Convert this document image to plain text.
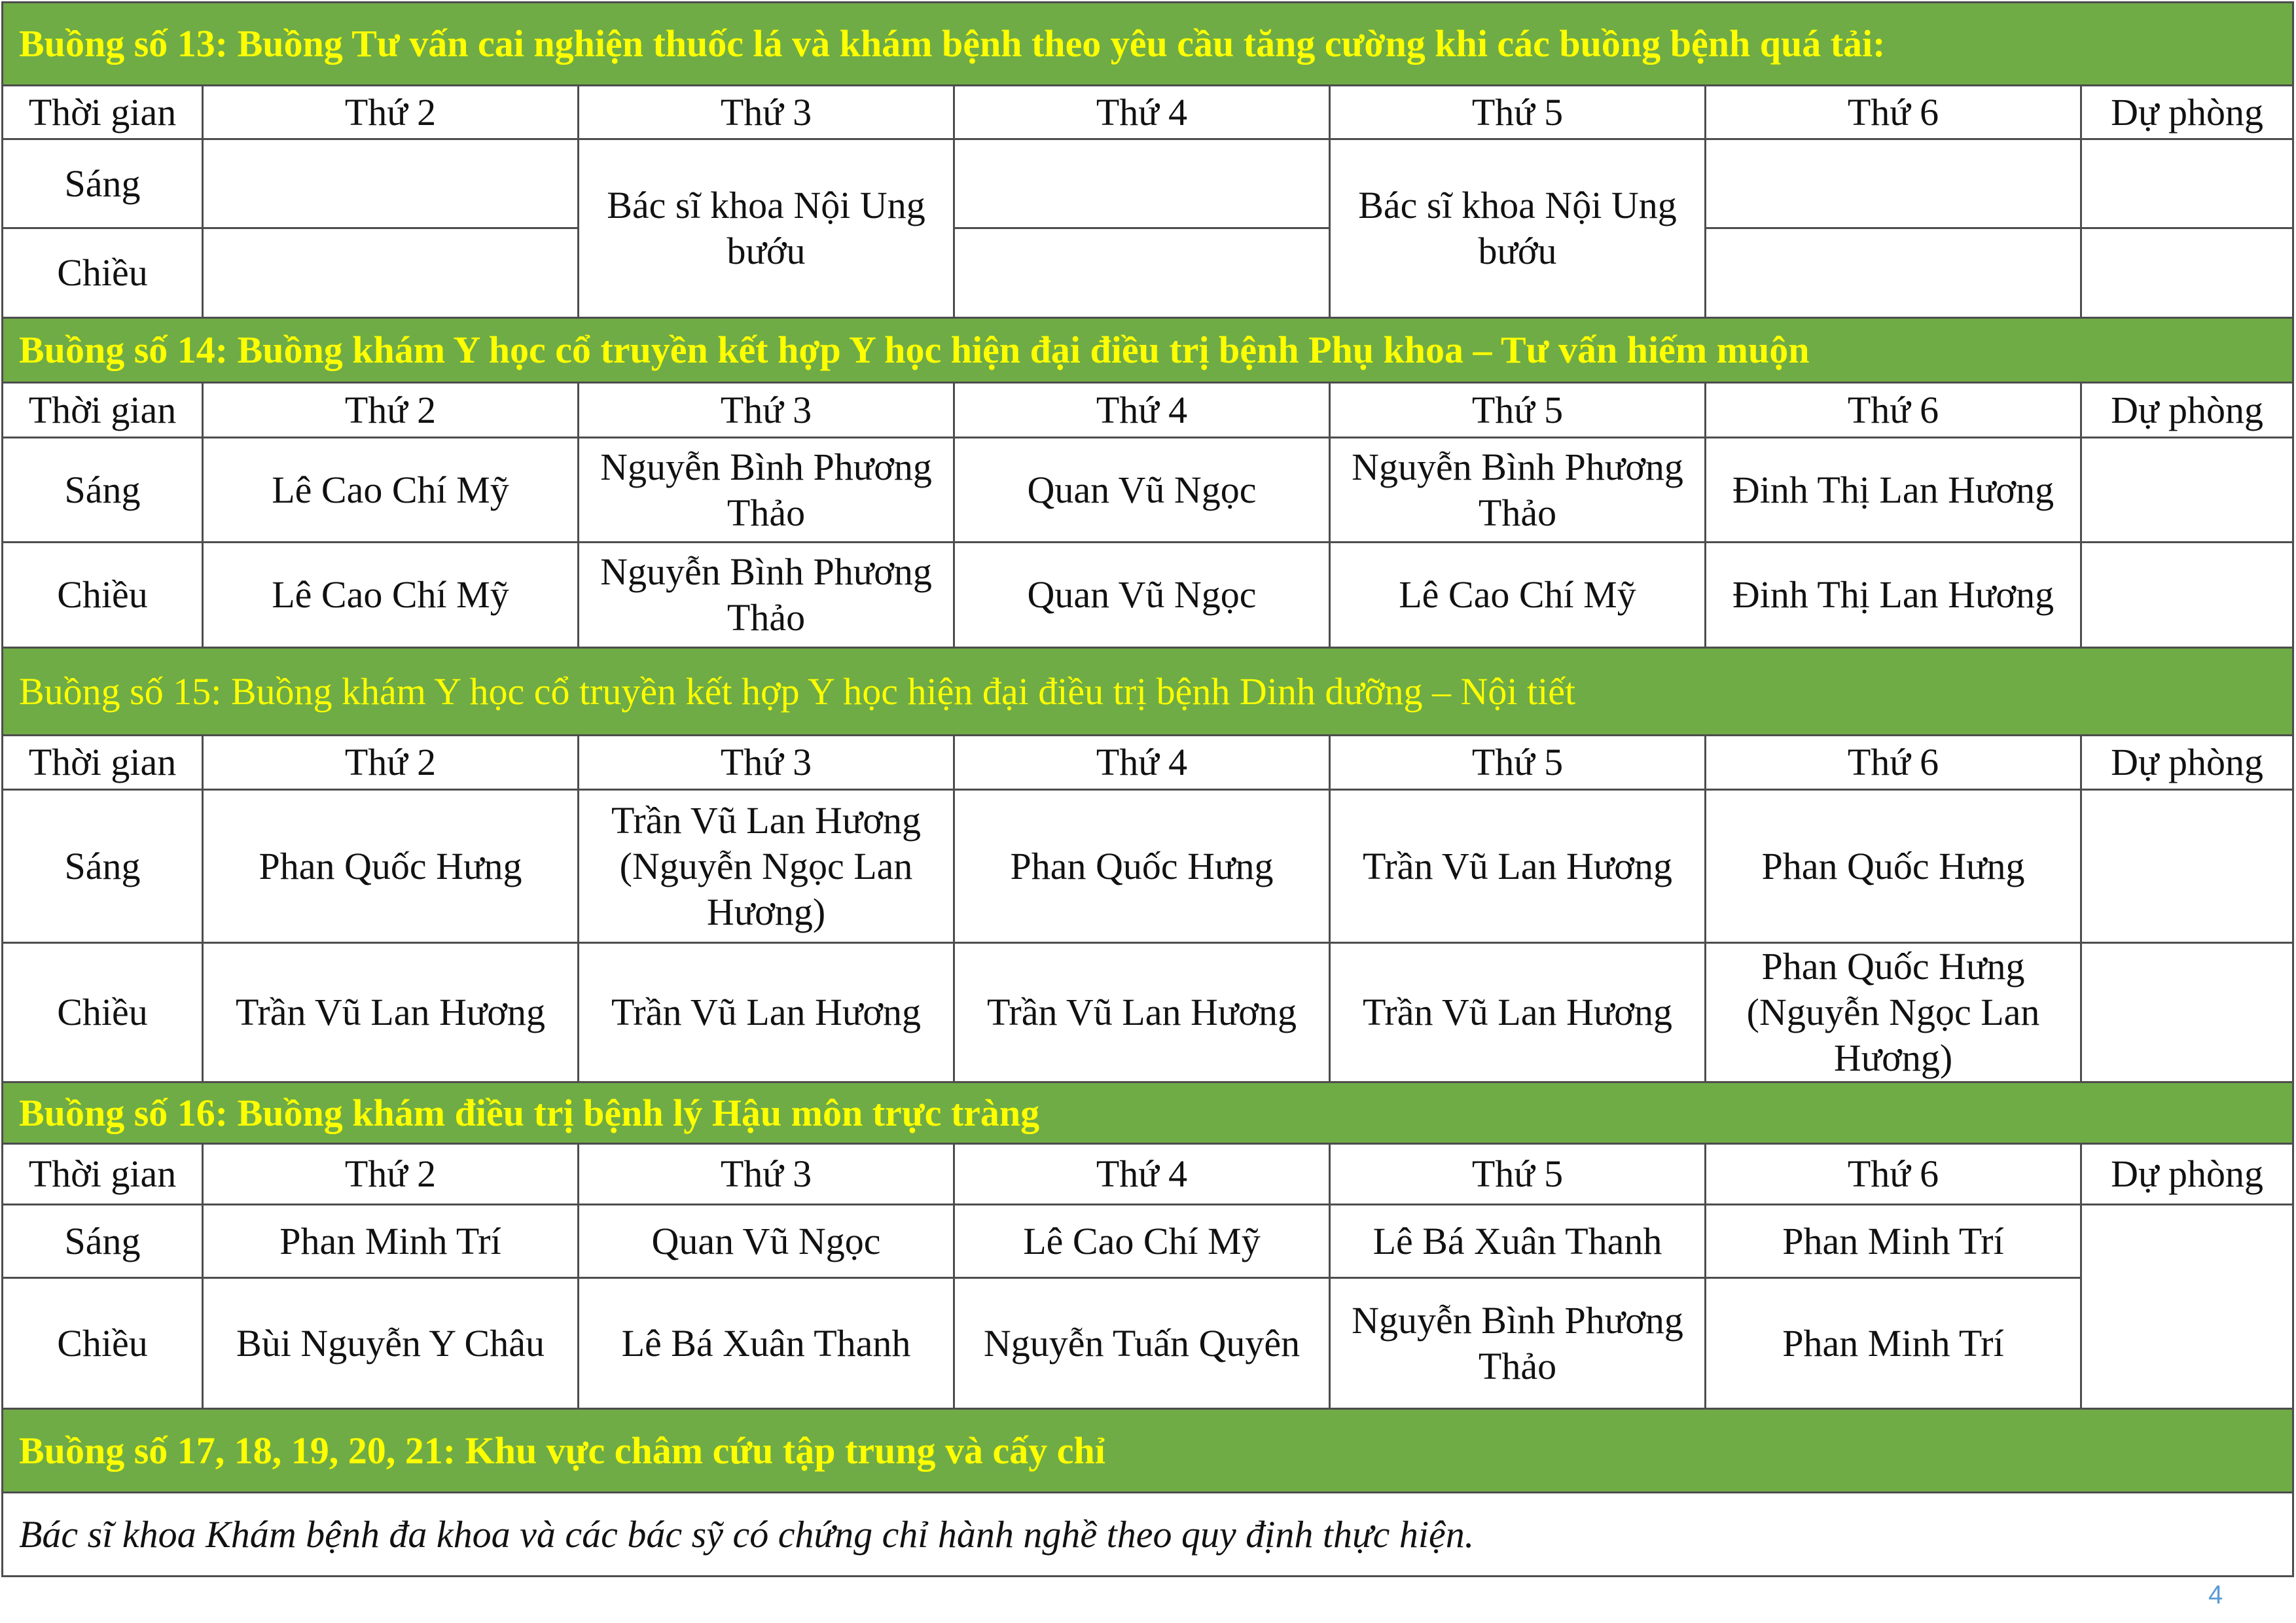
Buồng số 13: Buồng Tư vấn cai nghiện thuốc lá và khám bệnh theo yêu cầu tăng cường khi các buồng bệnh quá tải:						
Thời gian	Thứ 2	Thứ 3	Thứ 4	Thứ 5	Thứ 6	Dự phòng
Sáng		Bác sĩ khoa Nội Ung bướu		Bác sĩ khoa Nội Ung bướu		
Chiều						
Buồng số 14: Buồng khám Y học cổ truyền kết hợp Y học hiện đại điều trị bệnh Phụ khoa – Tư vấn hiếm muộn						
Thời gian	Thứ 2	Thứ 3	Thứ 4	Thứ 5	Thứ 6	Dự phòng
Sáng	Lê Cao Chí Mỹ	Nguyễn Bình Phương Thảo	Quan Vũ Ngọc	Nguyễn Bình Phương Thảo	Đinh Thị Lan Hương	
Chiều	Lê Cao Chí Mỹ	Nguyễn Bình Phương Thảo	Quan Vũ Ngọc	Lê Cao Chí Mỹ	Đinh Thị Lan Hương	
Buồng số 15: Buồng khám Y học cổ truyền kết hợp Y học hiện đại điều trị bệnh Dinh dưỡng – Nội tiết						
Thời gian	Thứ 2	Thứ 3	Thứ 4	Thứ 5	Thứ 6	Dự phòng
Sáng	Phan Quốc Hưng	Trần Vũ Lan Hương (Nguyễn Ngọc Lan Hương)	Phan Quốc Hưng	Trần Vũ Lan Hương	Phan Quốc Hưng	
Chiều	Trần Vũ Lan Hương	Trần Vũ Lan Hương	Trần Vũ Lan Hương	Trần Vũ Lan Hương	Phan Quốc Hưng (Nguyễn Ngọc Lan Hương)	
Buồng số 16: Buồng khám điều trị bệnh lý Hậu môn trực tràng						
Thời gian	Thứ 2	Thứ 3	Thứ 4	Thứ 5	Thứ 6	Dự phòng
Sáng	Phan Minh Trí	Quan Vũ Ngọc	Lê Cao Chí Mỹ	Lê Bá Xuân Thanh	Phan Minh Trí	
Chiều	Bùi Nguyễn Y Châu	Lê Bá Xuân Thanh	Nguyễn Tuấn Quyên	Nguyễn Bình Phương Thảo	Phan Minh Trí	
Buồng số 17, 18, 19, 20, 21: Khu vực châm cứu tập trung và cấy chỉ						
Bác sĩ khoa Khám bệnh đa khoa và các bác sỹ có chứng chỉ hành nghề theo quy định thực hiện.						
4
